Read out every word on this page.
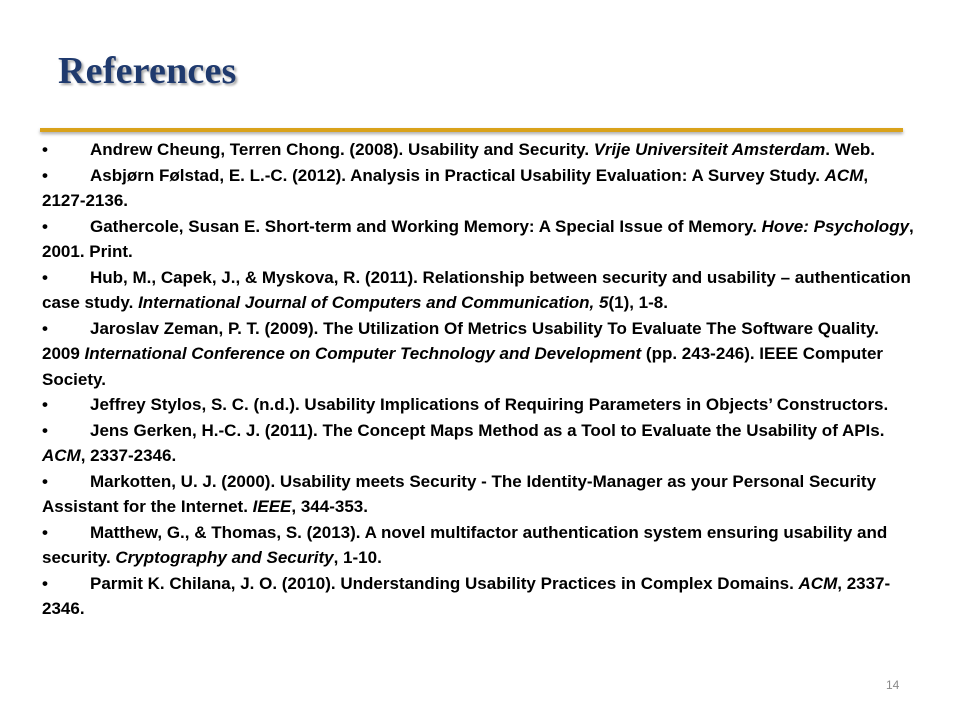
References
• Andrew Cheung, Terren Chong. (2008). Usability and Security. Vrije Universiteit Amsterdam. Web.
• Asbjørn Følstad, E. L.-C. (2012). Analysis in Practical Usability Evaluation: A Survey Study. ACM, 2127-2136.
• Gathercole, Susan E. Short-term and Working Memory: A Special Issue of Memory. Hove: Psychology, 2001. Print.
• Hub, M., Capek, J., & Myskova, R. (2011). Relationship between security and usability – authentication case study. International Journal of Computers and Communication, 5(1), 1-8.
• Jaroslav Zeman, P. T. (2009). The Utilization Of Metrics Usability To Evaluate The Software Quality. 2009 International Conference on Computer Technology and Development (pp. 243-246). IEEE Computer Society.
• Jeffrey Stylos, S. C. (n.d.). Usability Implications of Requiring Parameters in Objects’ Constructors.
• Jens Gerken, H.-C. J. (2011). The Concept Maps Method as a Tool to Evaluate the Usability of APIs. ACM, 2337-2346.
• Markotten, U. J. (2000). Usability meets Security - The Identity-Manager as your Personal Security Assistant for the Internet. IEEE, 344-353.
• Matthew, G., & Thomas, S. (2013). A novel multifactor authentication system ensuring usability and security. Cryptography and Security, 1-10.
• Parmit K. Chilana, J. O. (2010). Understanding Usability Practices in Complex Domains. ACM, 2337-2346.
14
